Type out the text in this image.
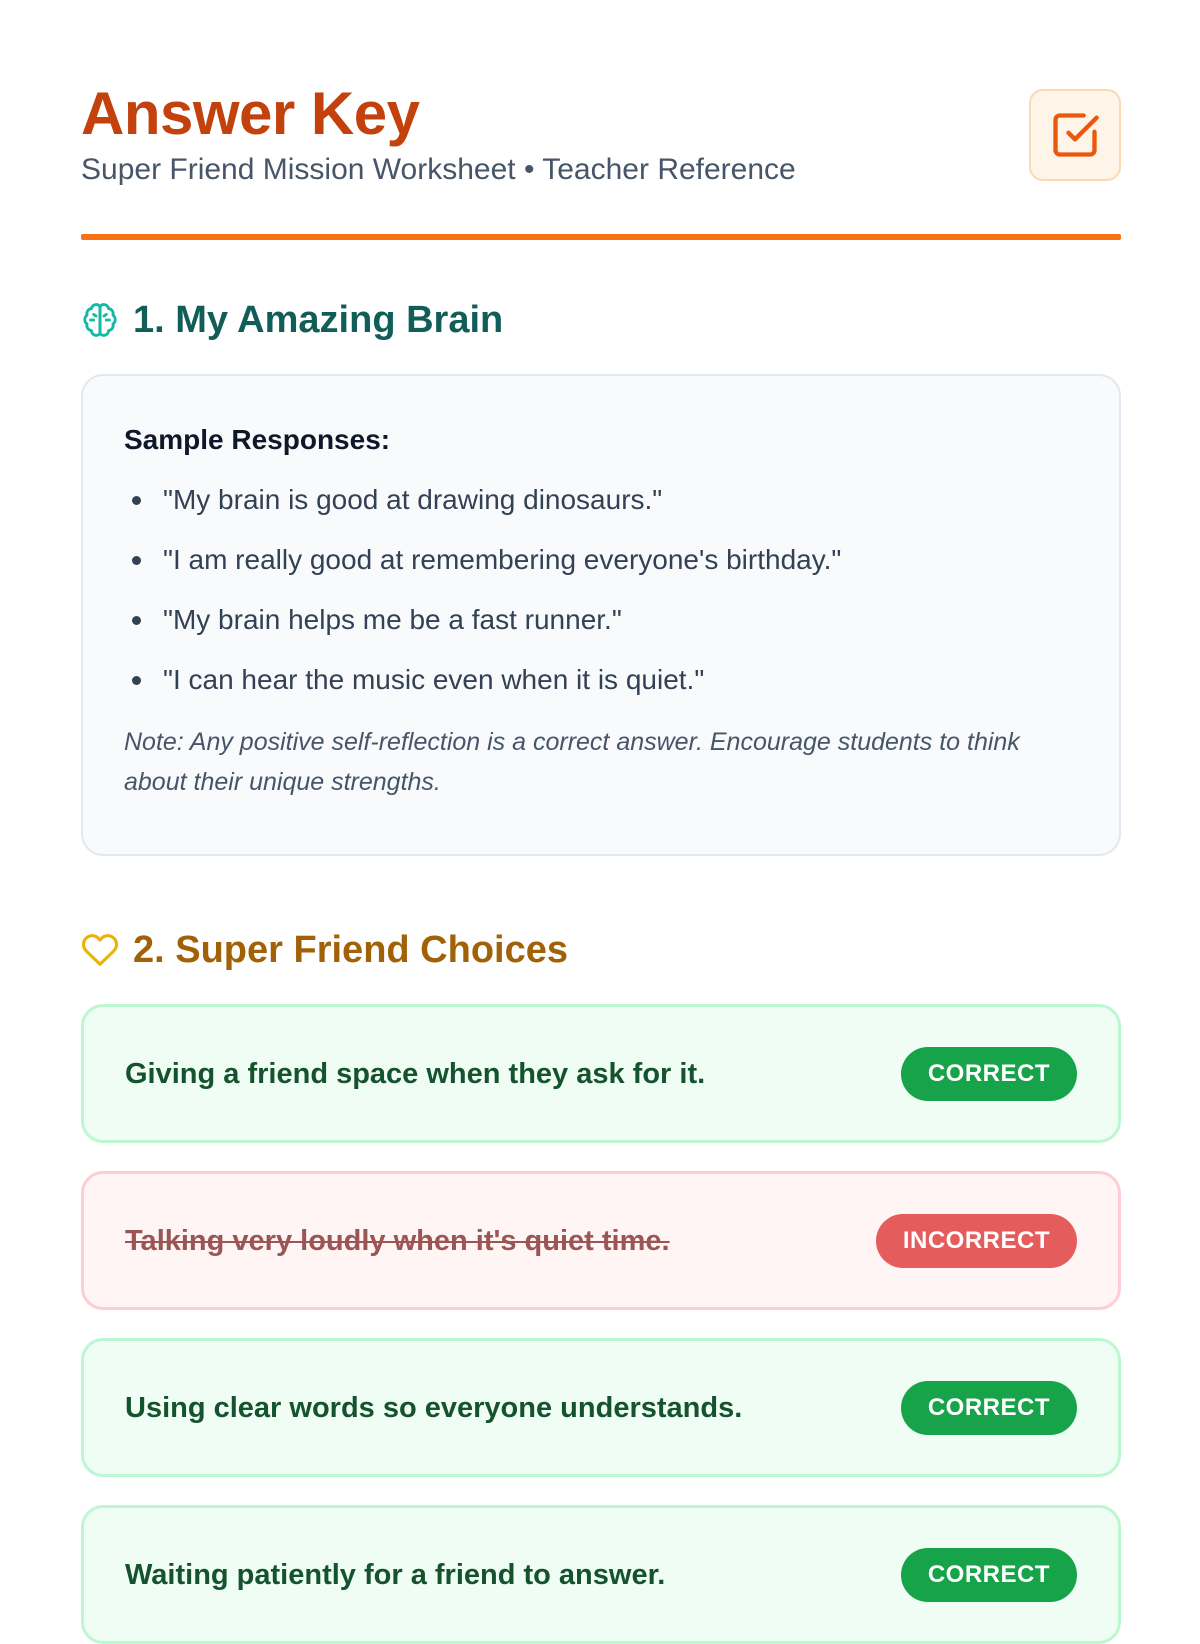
Answer Key

Super Friend Mission Worksheet • Teacher Reference

1. My Amazing Brain

Sample Responses:

"My brain is good at drawing dinosaurs."
"I am really good at remembering everyone's birthday."
"My brain helps me be a fast runner."
"I can hear the music even when it is quiet."

Note: Any positive self-reflection is a correct answer. Encourage students to think about their unique strengths.

2. Super Friend Choices
Giving a friend space when they ask for it.	CORRECT
Talking very loudly when it's quiet time.	INCORRECT
Using clear words so everyone understands.	CORRECT
Waiting patiently for a friend to answer.	CORRECT
